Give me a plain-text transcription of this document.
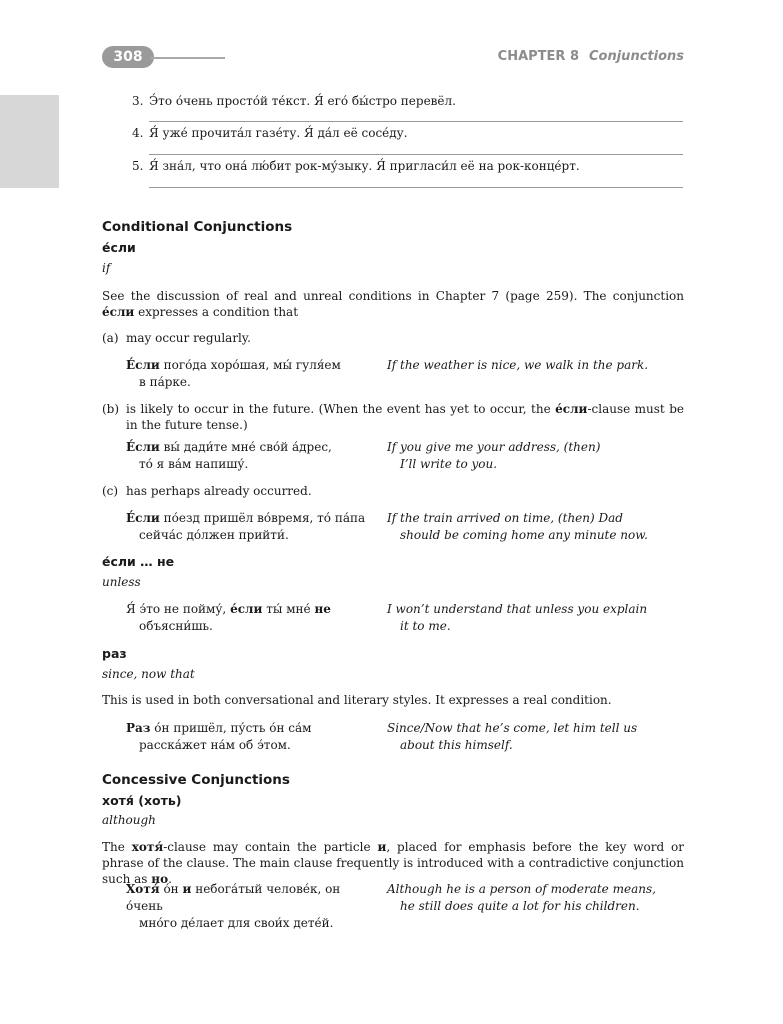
308	CHAPTER 8 Conjunctions
3. Э́то о́чень просто́й те́кст. Я́ его́ бы́стро перевёл.
4. Я́ уже́ прочита́л газе́ту. Я́ да́л её сосе́ду.
5. Я́ зна́л, что она́ лю́бит рок-му́зыку. Я́ пригласи́л её на рок-конце́рт.
Conditional Conjunctions
е́сли
if
See the discussion of real and unreal conditions in Chapter 7 (page 259). The conjunction е́сли expresses a condition that
(a) may occur regularly.
Е́сли пого́да хоро́шая, мы́ гуля́ем
в па́рке.
If the weather is nice, we walk in the park.
(b) is likely to occur in the future. (When the event has yet to occur, the е́сли-clause must be in the future tense.)
Е́сли вы́ дади́те мне́ сво́й а́дрес,
то́ я ва́м напишу́.
If you give me your address, (then)
I’ll write to you.
(c) has perhaps already occurred.
Е́сли по́езд пришёл во́время, то́ па́па
сейча́с до́лжен прийти́.
If the train arrived on time, (then) Dad
should be coming home any minute now.
е́сли … не
unless
Я́ э́то не пойму́, е́сли ты́ мне́ не
объясни́шь.
I won’t understand that unless you explain
it to me.
раз
since, now that
This is used in both conversational and literary styles. It expresses a real condition.
Раз о́н пришёл, пу́сть о́н са́м
расска́жет на́м об э́том.
Since/Now that he’s come, let him tell us
about this himself.
Concessive Conjunctions
хотя́ (хоть)
although
The хотя́-clause may contain the particle и, placed for emphasis before the key word or phrase of the clause. The main clause frequently is introduced with a contradictive conjunction such as но.
Хотя́ о́н и небога́тый челове́к, он о́чень
мно́го де́лает для свои́х дете́й.
Although he is a person of moderate means,
he still does quite a lot for his children.
